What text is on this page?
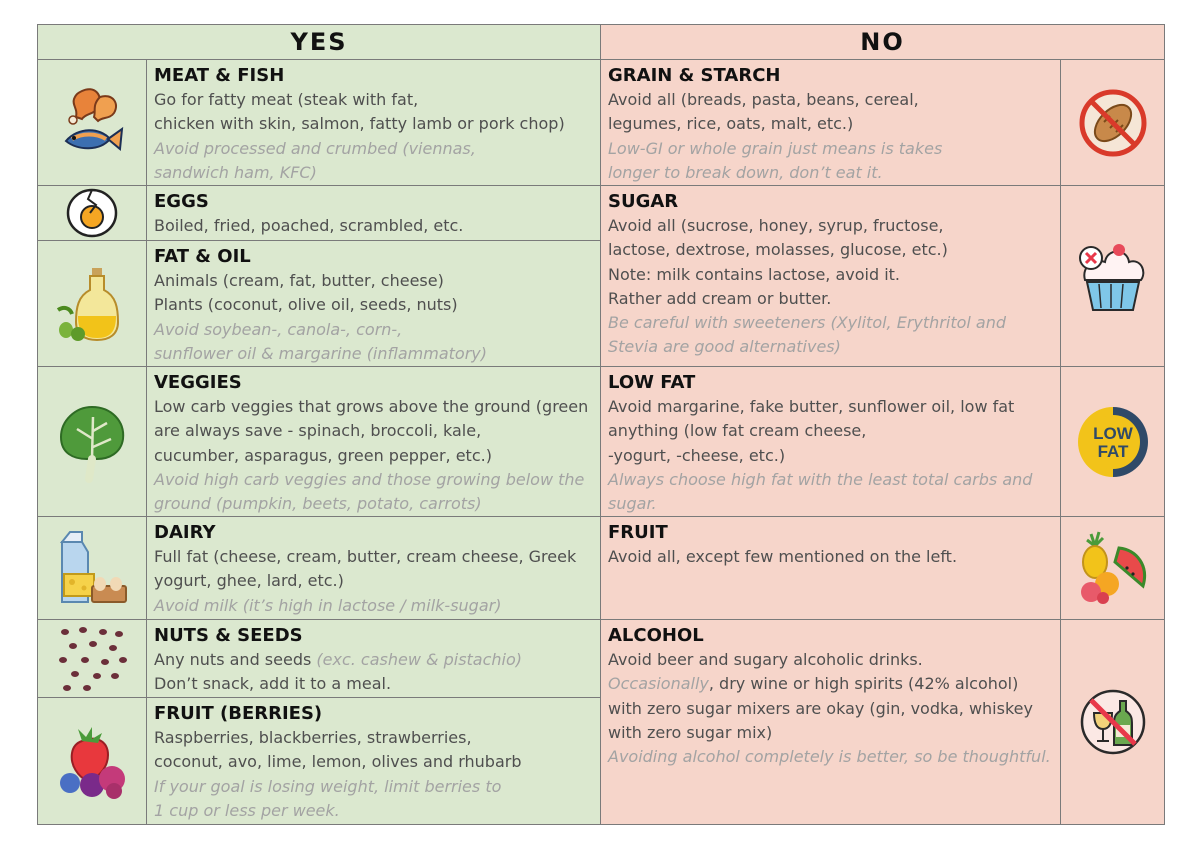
YES	NO
MEAT & FISH
Go for fatty meat (steak with fat,
chicken with skin, salmon, fatty lamb or pork chop)
Avoid processed and crumbed (viennas,
sandwich ham, KFC)
EGGS
Boiled, fried, poached, scrambled, etc.
FAT & OIL
Animals (cream, fat, butter, cheese)
Plants (coconut, olive oil, seeds, nuts)
Avoid soybean-, canola-, corn-,
sunflower oil & margarine (inflammatory)
VEGGIES
Low carb veggies that grows above the ground (green
are always save - spinach, broccoli, kale,
cucumber, asparagus, green pepper, etc.)
Avoid high carb veggies and those growing below the
ground (pumpkin, beets, potato, carrots)
DAIRY
Full fat (cheese, cream, butter, cream cheese, Greek
yogurt, ghee, lard, etc.)
Avoid milk (it’s high in lactose / milk-sugar)
NUTS & SEEDS
Any nuts and seeds (exc. cashew & pistachio)
Don’t snack, add it to a meal.
FRUIT (BERRIES)
Raspberries, blackberries, strawberries,
coconut, avo, lime, lemon, olives and rhubarb
If your goal is losing weight, limit berries to
1 cup or less per week.
GRAIN & STARCH
Avoid all (breads, pasta, beans, cereal,
legumes, rice, oats, malt, etc.)
Low-GI or whole grain just means is takes
longer to break down, don’t eat it.
SUGAR
Avoid all (sucrose, honey, syrup, fructose,
lactose, dextrose, molasses, glucose, etc.)
Note: milk contains lactose, avoid it.
Rather add cream or butter.
Be careful with sweeteners (Xylitol, Erythritol and
Stevia are good alternatives)
LOW FAT
Avoid margarine, fake butter, sunflower oil, low fat
anything (low fat cream cheese,
-yogurt, -cheese, etc.)
Always choose high fat with the least total carbs and
sugar.
FRUIT
Avoid all, except few mentioned on the left.
ALCOHOL
Avoid beer and sugary alcoholic drinks.
Occasionally, dry wine or high spirits (42% alcohol)
with zero sugar mixers are okay (gin, vodka, whiskey
with zero sugar mix)
Avoiding alcohol completely is better, so be thoughtful.
LOW
FAT
